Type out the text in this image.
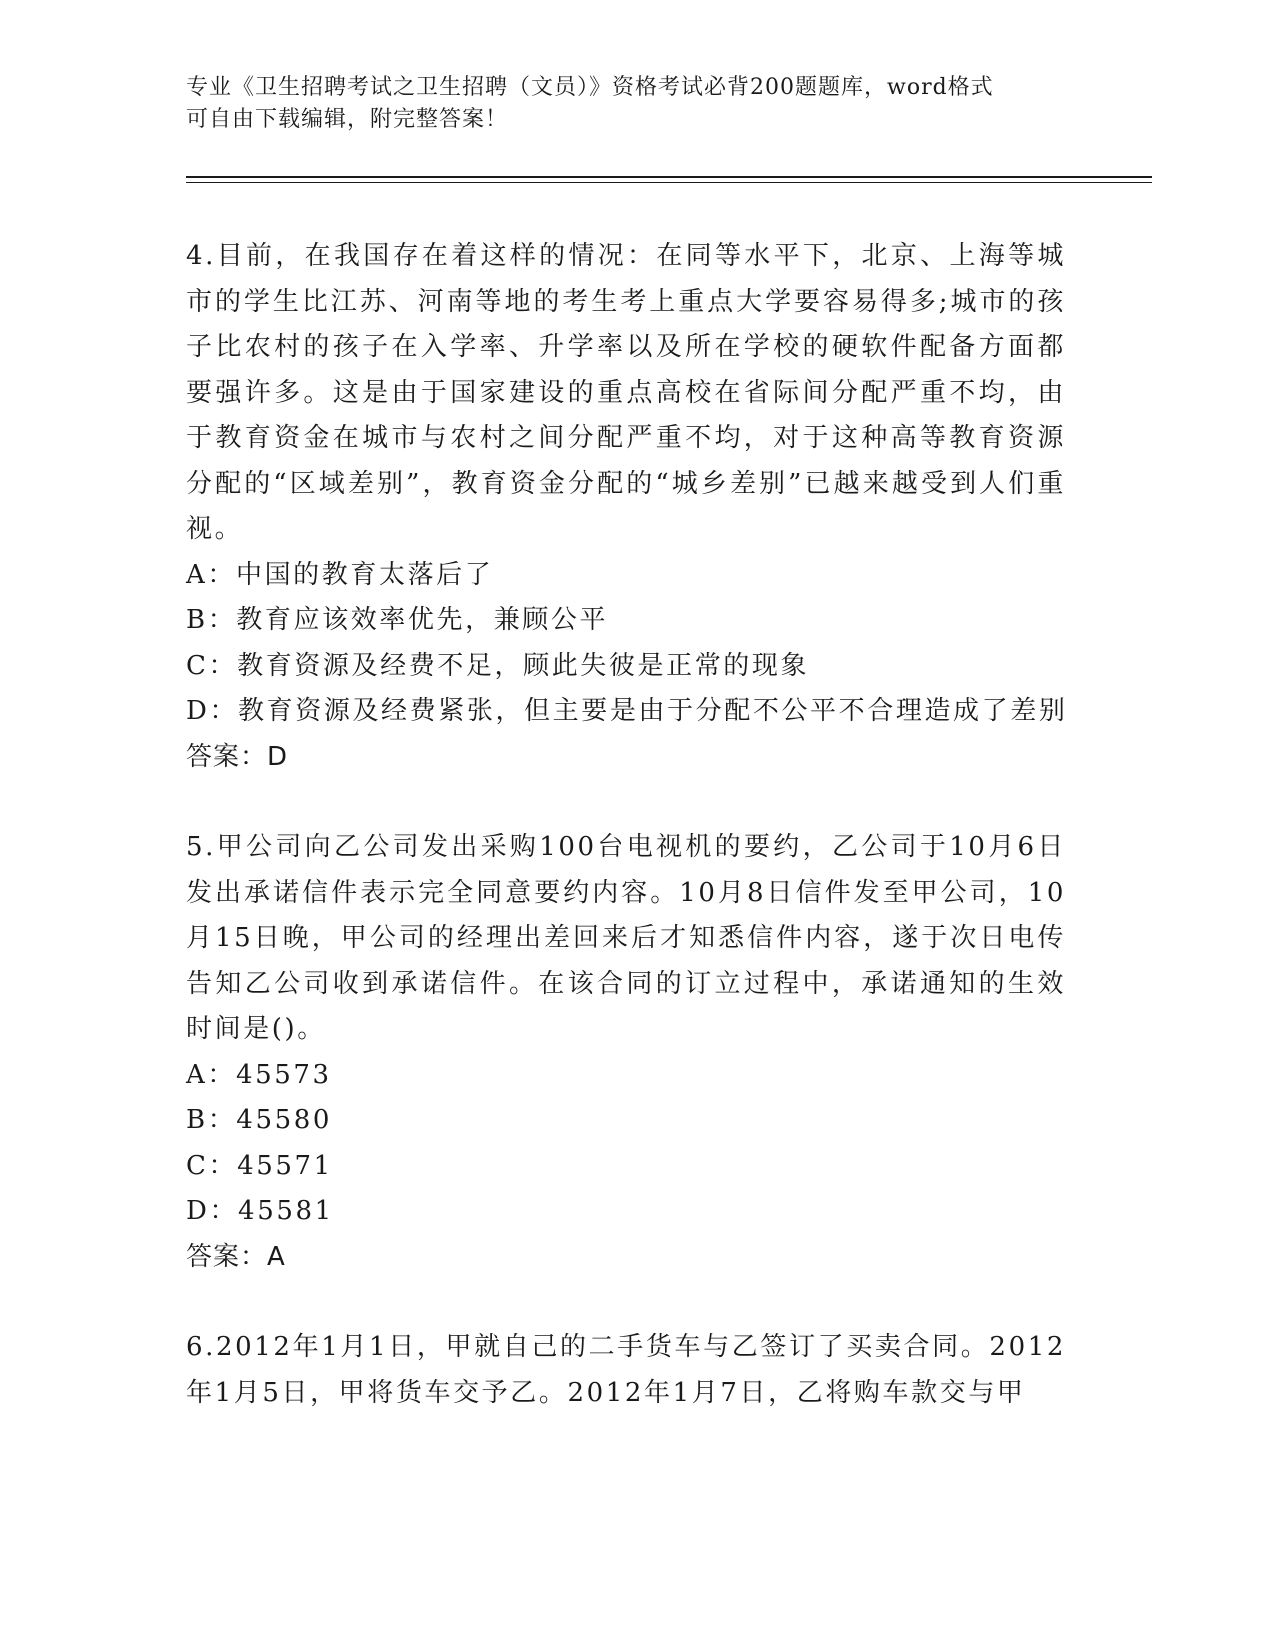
专业《卫生招聘考试之卫生招聘（文员）》资格考试必背200题题库，word格式
可自由下载编辑，附完整答案！

4.目前，在我国存在着这样的情况：在同等水平下，北京、上海等城市的学生比江苏、河南等地的考生考上重点大学要容易得多;城市的孩子比农村的孩子在入学率、升学率以及所在学校的硬软件配备方面都要强许多。这是由于国家建设的重点高校在省际间分配严重不均，由于教育资金在城市与农村之间分配严重不均，对于这种高等教育资源分配的“区域差别”，教育资金分配的“城乡差别”已越来越受到人们重视。

A：中国的教育太落后了

B：教育应该效率优先，兼顾公平

C：教育资源及经费不足，顾此失彼是正常的现象

D：教育资源及经费紧张，但主要是由于分配不公平不合理造成了差别

答案：D

5.甲公司向乙公司发出采购100台电视机的要约，乙公司于10月6日发出承诺信件表示完全同意要约内容。10月8日信件发至甲公司，10月15日晚，甲公司的经理出差回来后才知悉信件内容，遂于次日电传告知乙公司收到承诺信件。在该合同的订立过程中，承诺通知的生效时间是()。

A：45573

B：45580

C：45571

D：45581

答案：A

6.2012年1月1日，甲就自己的二手货车与乙签订了买卖合同。2012年1月5日，甲将货车交予乙。2012年1月7日，乙将购车款交与甲
